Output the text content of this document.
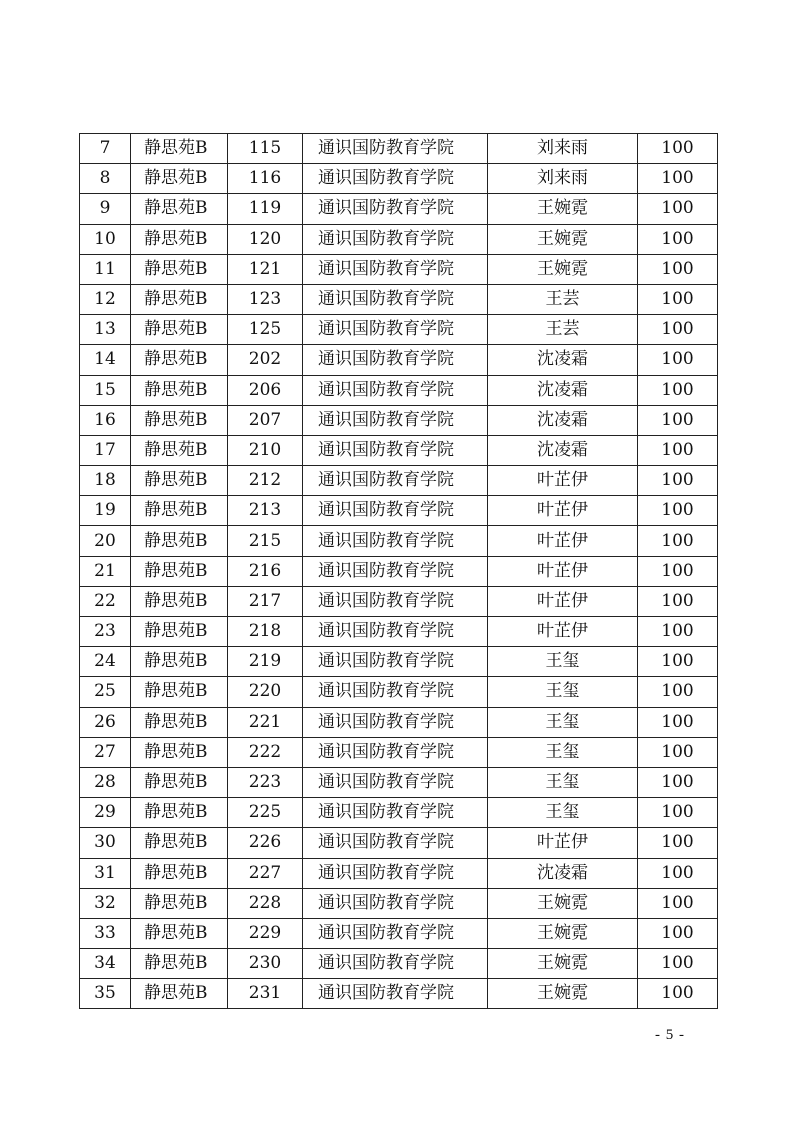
7	静思苑B	115	通识国防教育学院	刘来雨	100
8	静思苑B	116	通识国防教育学院	刘来雨	100
9	静思苑B	119	通识国防教育学院	王婉霓	100
10	静思苑B	120	通识国防教育学院	王婉霓	100
11	静思苑B	121	通识国防教育学院	王婉霓	100
12	静思苑B	123	通识国防教育学院	王芸	100
13	静思苑B	125	通识国防教育学院	王芸	100
14	静思苑B	202	通识国防教育学院	沈凌霜	100
15	静思苑B	206	通识国防教育学院	沈凌霜	100
16	静思苑B	207	通识国防教育学院	沈凌霜	100
17	静思苑B	210	通识国防教育学院	沈凌霜	100
18	静思苑B	212	通识国防教育学院	叶芷伊	100
19	静思苑B	213	通识国防教育学院	叶芷伊	100
20	静思苑B	215	通识国防教育学院	叶芷伊	100
21	静思苑B	216	通识国防教育学院	叶芷伊	100
22	静思苑B	217	通识国防教育学院	叶芷伊	100
23	静思苑B	218	通识国防教育学院	叶芷伊	100
24	静思苑B	219	通识国防教育学院	王玺	100
25	静思苑B	220	通识国防教育学院	王玺	100
26	静思苑B	221	通识国防教育学院	王玺	100
27	静思苑B	222	通识国防教育学院	王玺	100
28	静思苑B	223	通识国防教育学院	王玺	100
29	静思苑B	225	通识国防教育学院	王玺	100
30	静思苑B	226	通识国防教育学院	叶芷伊	100
31	静思苑B	227	通识国防教育学院	沈凌霜	100
32	静思苑B	228	通识国防教育学院	王婉霓	100
33	静思苑B	229	通识国防教育学院	王婉霓	100
34	静思苑B	230	通识国防教育学院	王婉霓	100
35	静思苑B	231	通识国防教育学院	王婉霓	100
- 5 -
